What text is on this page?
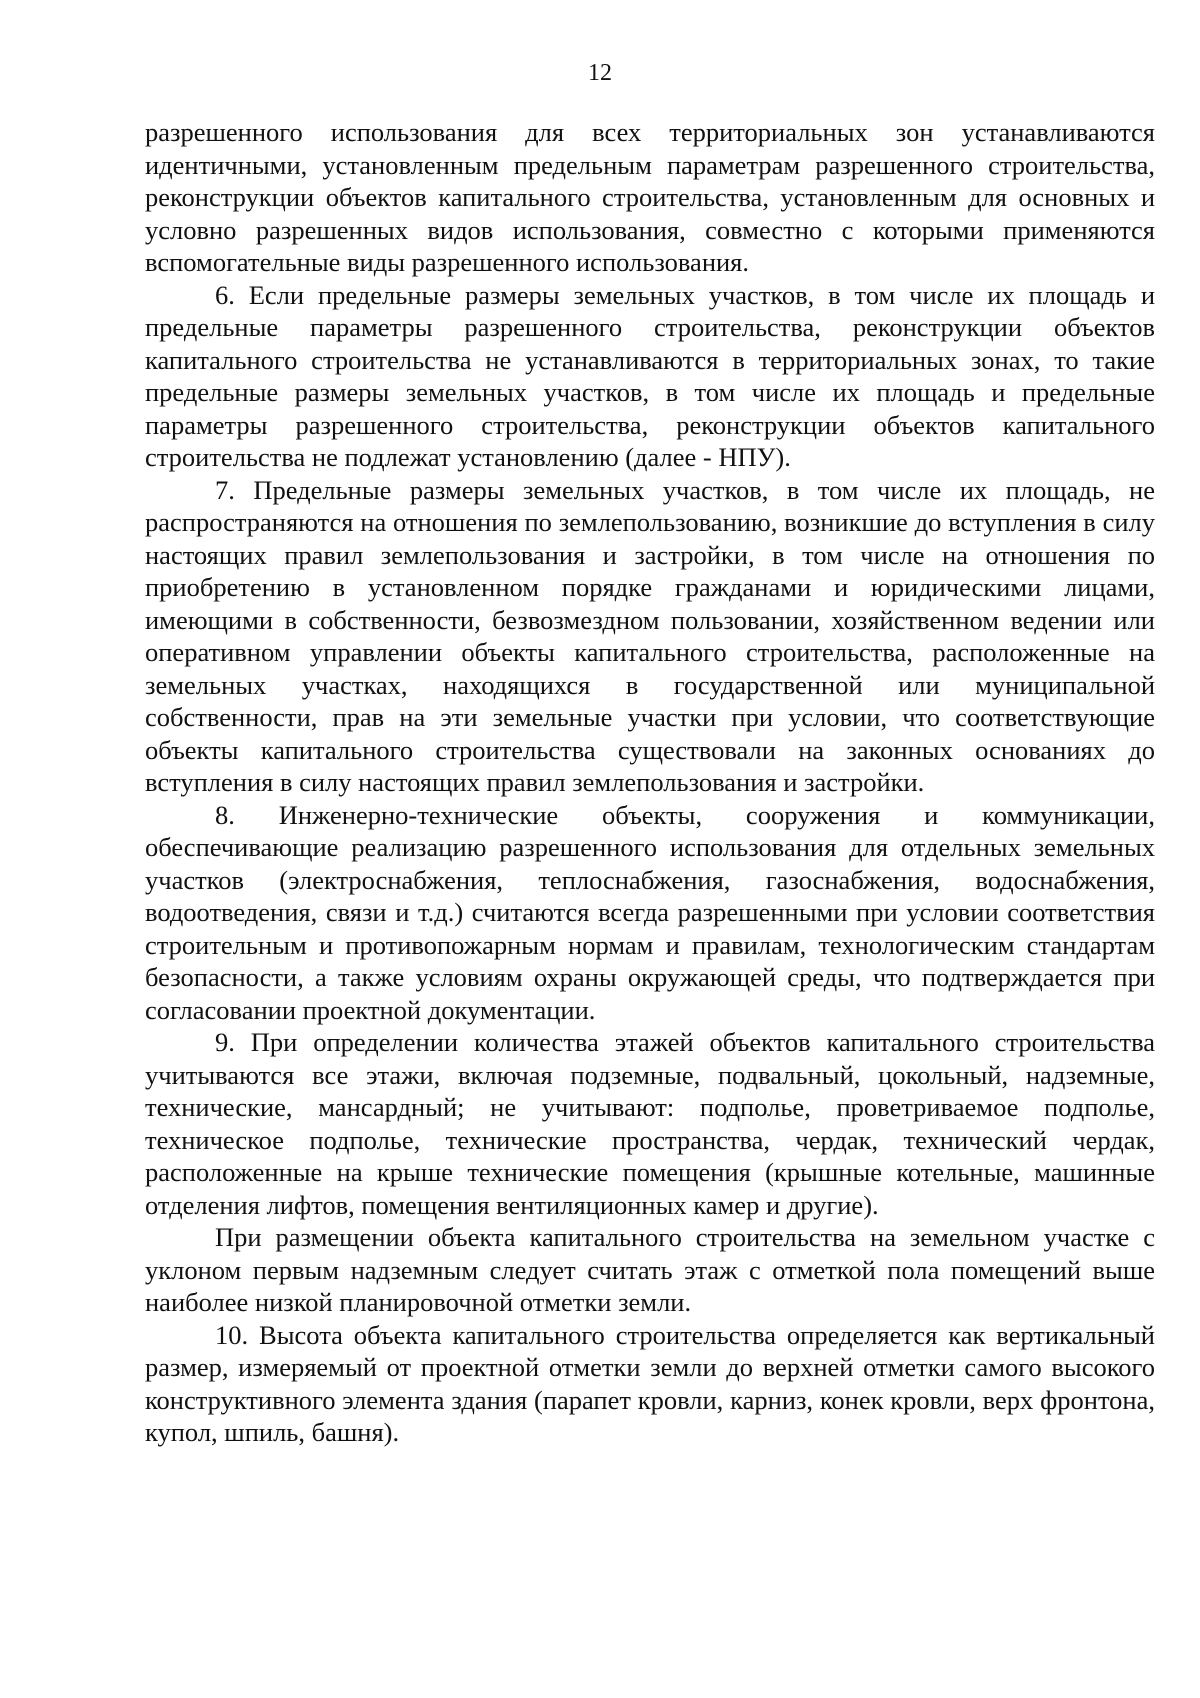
12

разрешенного использования для всех территориальных зон устанавливаются идентичными, установленным предельным параметрам разрешенного строительства, реконструкции объектов капитального строительства, установленным для основных и условно разрешенных видов использования, совместно с которыми применяются вспомогательные виды разрешенного использования.

6. Если предельные размеры земельных участков, в том числе их площадь и предельные параметры разрешенного строительства, реконструкции объектов капитального строительства не устанавливаются в территориальных зонах, то такие предельные размеры земельных участков, в том числе их площадь и предельные параметры разрешенного строительства, реконструкции объектов капитального строительства не подлежат установлению (далее - НПУ).

7. Предельные размеры земельных участков, в том числе их площадь, не распространяются на отношения по землепользованию, возникшие до вступления в силу настоящих правил землепользования и застройки, в том числе на отношения по приобретению в установленном порядке гражданами и юридическими лицами, имеющими в собственности, безвозмездном пользовании, хозяйственном ведении или оперативном управлении объекты капитального строительства, расположенные на земельных участках, находящихся в государственной или муниципальной собственности, прав на эти земельные участки при условии, что соответствующие объекты капитального строительства существовали на законных основаниях до вступления в силу настоящих правил землепользования и застройки.

8. Инженерно-технические объекты, сооружения и коммуникации, обеспечивающие реализацию разрешенного использования для отдельных земельных участков (электроснабжения, теплоснабжения, газоснабжения, водоснабжения, водоотведения, связи и т.д.) считаются всегда разрешенными при условии соответствия строительным и противопожарным нормам и правилам, технологическим стандартам безопасности, а также условиям охраны окружающей среды, что подтверждается при согласовании проектной документации.

9. При определении количества этажей объектов капитального строительства учитываются все этажи, включая подземные, подвальный, цокольный, надземные, технические, мансардный; не учитывают: подполье, проветриваемое подполье, техническое подполье, технические пространства, чердак, технический чердак, расположенные на крыше технические помещения (крышные котельные, машинные отделения лифтов, помещения вентиляционных камер и другие).

При размещении объекта капитального строительства на земельном участке с уклоном первым надземным следует считать этаж с отметкой пола помещений выше наиболее низкой планировочной отметки земли.

10. Высота объекта капитального строительства определяется как вертикальный размер, измеряемый от проектной отметки земли до верхней отметки самого высокого конструктивного элемента здания (парапет кровли, карниз, конек кровли, верх фронтона, купол, шпиль, башня).
